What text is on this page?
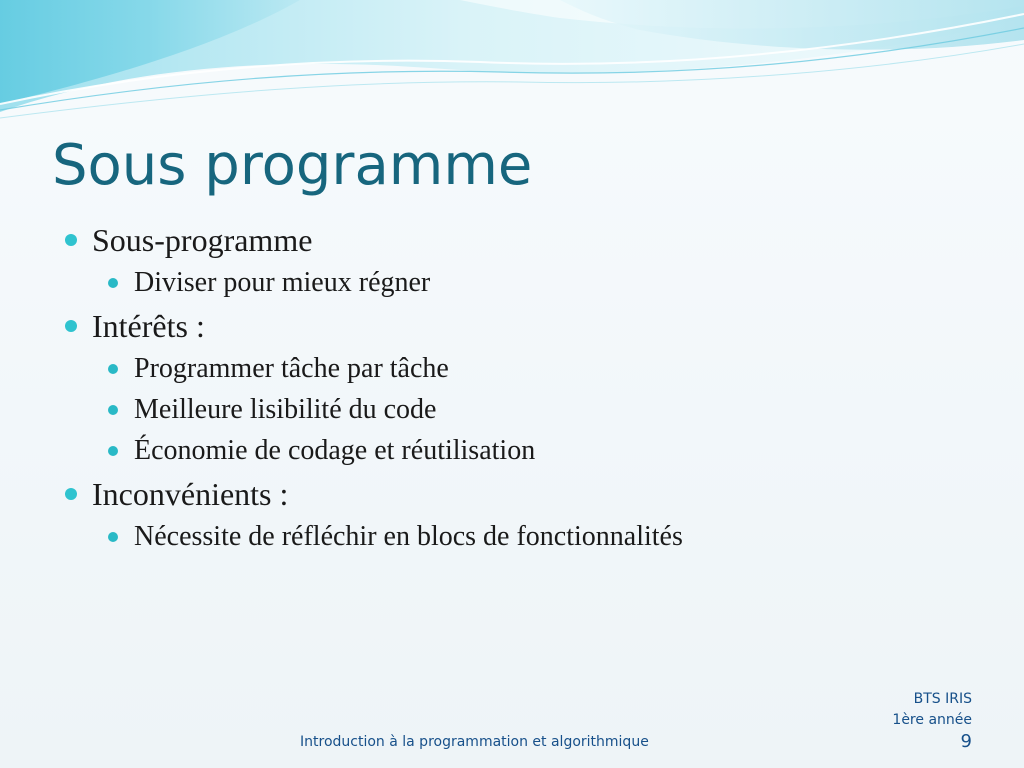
Sous programme
Sous-programme
Diviser pour mieux régner
Intérêts :
Programmer tâche par tâche
Meilleure lisibilité du code
Économie de codage et réutilisation
Inconvénients :
Nécessite de réfléchir en blocs de fonctionnalités
Introduction à la programmation et algorithmique
BTS IRIS
1ère année
9
